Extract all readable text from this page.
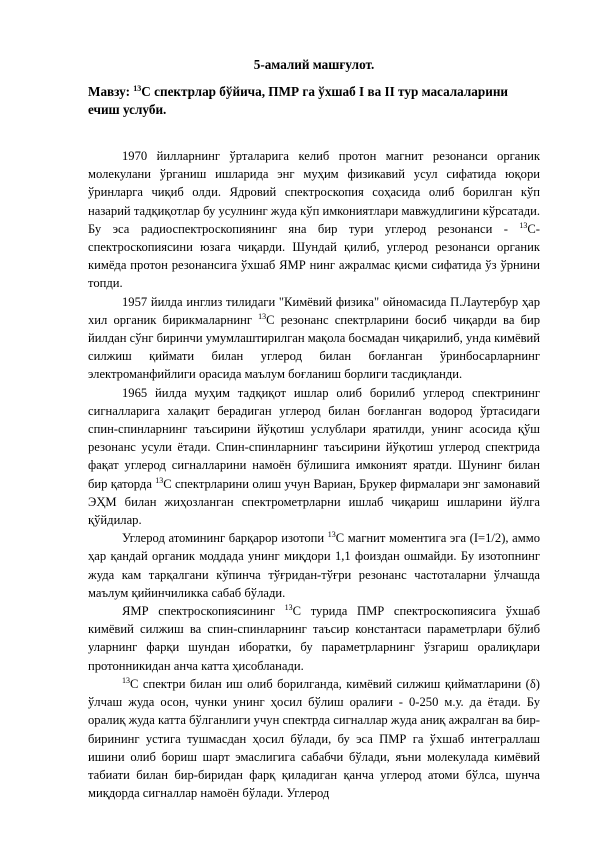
5-амалий машғулот.
Мавзу: $^{13}$C спектрлар бўйича, ПМР га ўхшаб I ва II тур масалаларини ечиш услуби.

1970 йилларнинг ўрталарига келиб протон магнит резонанси органик молекулани ўрганиш ишларида энг муҳим физикавий усул сифатида юқори ўринларга чиқиб олди. Ядровий спектроскопия соҳасида олиб борилган кўп назарий тадқиқотлар бу усулнинг жуда кўп имкониятлари мавжудлигини кўрсатади. Бу эса радиоспектроскопиянинг яна бир тури углерод резонанси - $^{13}$C-спектроскопиясини юзага чиқарди. Шундай қилиб, углерод резонанси органик кимёда протон резонансига ўхшаб ЯМР нинг ажралмас қисми сифатида ўз ўрнини топди.

1957 йилда инглиз тилидаги "Кимёвий физика" ойномасида П.Лаутербур ҳар хил органик бирикмаларнинг $^{13}$C резонанс спектрларини босиб чиқарди ва бир йилдан сўнг биринчи умумлаштирилган мақола босмадан чиқарилиб, унда кимёвий силжиш қиймати билан углерод билан боғланган ўринбосарларнинг электроманфийлиги орасида маълум боғланиш борлиги тасдиқланди.

1965 йилда муҳим тадқиқот ишлар олиб борилиб углерод спектрининг сигналларига халақит берадиган углерод билан боғланган водород ўртасидаги спин-спинларнинг таъсирини йўқотиш услублари яратилди, унинг асосида қўш резонанс усули ётади. Спин-спинларнинг таъсирини йўқотиш углерод спектрида фақат углерод сигналларини намоён бўлишига имконият яратди. Шунинг билан бир қаторда $^{13}$C спектрларини олиш учун Вариан, Брукер фирмалари энг замонавий ЭҲМ билан жиҳозланган спектрометрларни ишлаб чиқариш ишларини йўлга қўйдилар.

Углерод атомининг барқарор изотопи $^{13}$C магнит моментига эга (I=1/2), аммо ҳар қандай органик моддада унинг миқдори 1,1 фоиздан ошмайди. Бу изотопнинг жуда кам тарқалгани кўпинча тўғридан-тўғри резонанс частоталарни ўлчашда маълум қийинчиликка сабаб бўлади.

ЯМР спектроскопиясининг $^{13}$C турида ПМР спектроскопиясига ўхшаб кимёвий силжиш ва спин-спинларнинг таъсир константаси параметрлари бўлиб уларнинг фарқи шундан иборатки, бу параметрларнинг ўзгариш оралиқлари протонникидан анча катта ҳисобланади.

$^{13}$C спектри билан иш олиб борилганда, кимёвий силжиш қийматларини (δ) ўлчаш жуда осон, чунки унинг ҳосил бўлиш оралиғи - 0-250 м.у. да ётади. Бу оралиқ жуда катта бўлганлиги учун спектрда сигналлар жуда аниқ ажралган ва бир-бирининг устига тушмасдан ҳосил бўлади, бу эса ПМР га ўхшаб интеграллаш ишини олиб бориш шарт эмаслигига сабабчи бўлади, яъни молекулада кимёвий табиати билан бир-биридан фарқ қиладиган қанча углерод атоми бўлса, шунча миқдорда сигналлар намоён бўлади. Углерод
